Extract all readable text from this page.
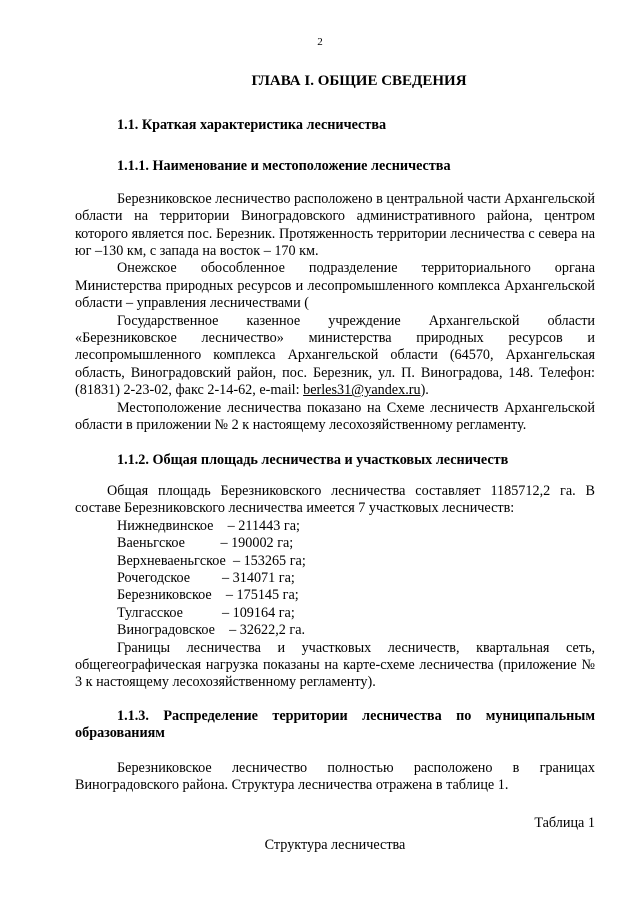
2
ГЛАВА I. ОБЩИЕ СВЕДЕНИЯ
1.1. Краткая характеристика лесничества
1.1.1. Наименование и местоположение лесничества

Березниковское лесничество расположено в центральной части Архангельской области на территории Виноградовского административного района, центром которого является пос. Березник. Протяженность территории лесничества с севера на юг –130 км, с запада на восток – 170 км.

Онежское обособленное подразделение территориального органа Министерства природных ресурсов и лесопромышленного комплекса Архангельской области – управления лесничествами (

Государственное казенное учреждение Архангельской области «Березниковское лесничество» министерства природных ресурсов и лесопромышленного комплекса Архангельской области (64570, Архангельская область, Виноградовский район, пос. Березник, ул. П. Виноградова, 148. Телефон: (81831) 2-23-02, факс 2-14-62, e-mail: berles31@yandex.ru).

Местоположение лесничества показано на Схеме лесничеств Архангельской области в приложении № 2 к настоящему лесохозяйственному регламенту.

1.1.2. Общая площадь лесничества и участковых лесничеств

Общая площадь Березниковского лесничества составляет 1185712,2 га. В составе Березниковского лесничества имеется 7 участковых лесничеств:

Нижнедвинское    – 211443 га;
Ваеньгское          – 190002 га;
Верхневаеньгское  – 153265 га;
Рочегодское         – 314071 га;
Березниковское    – 175145 га;
Тулгасское           – 109164 га;
Виноградовское    – 32622,2 га.

Границы лесничества и участковых лесничеств, квартальная сеть, общегеографическая нагрузка показаны на карте-схеме лесничества (приложение № 3 к настоящему лесохозяйственному регламенту).

1.1.3. Распределение территории лесничества по муниципальным образованиям

Березниковское лесничество полностью расположено в границах Виноградовского района. Структура лесничества отражена в таблице 1.

Таблица 1
Структура лесничества
